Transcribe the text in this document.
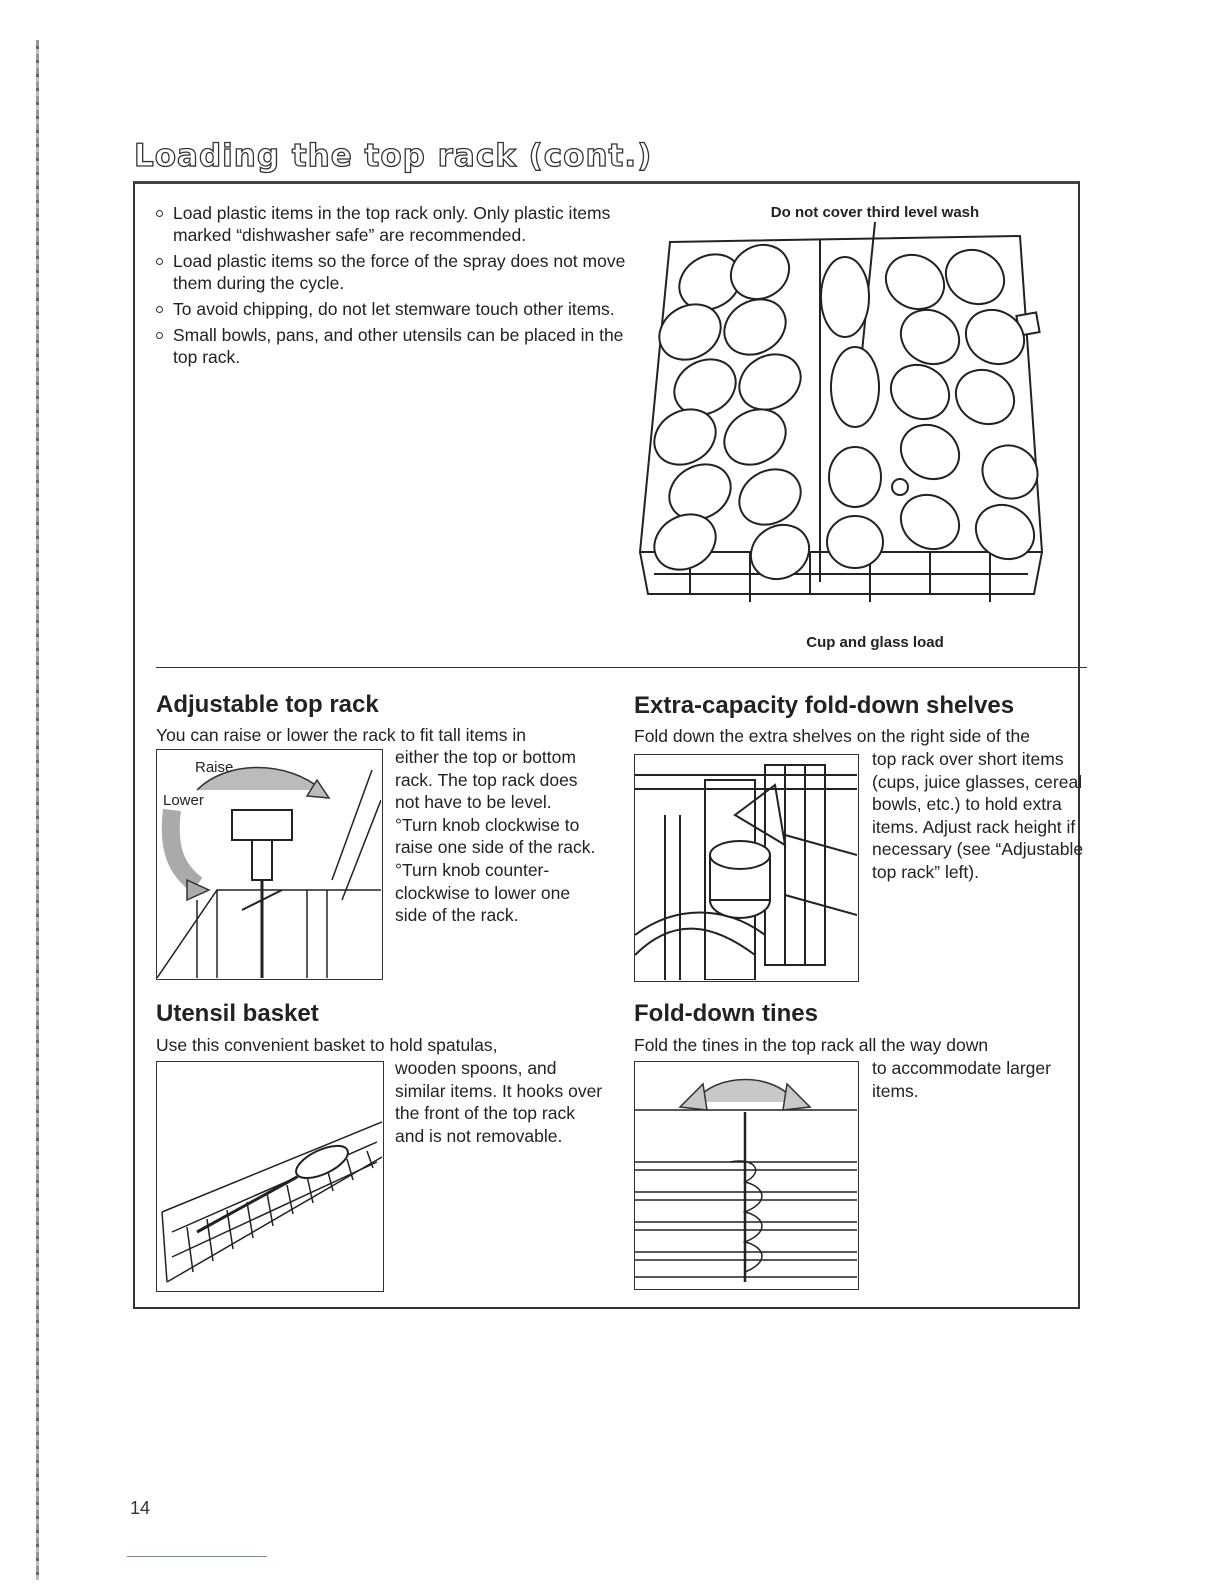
Loading the top rack (cont.)
Load plastic items in the top rack only. Only plastic items marked “dishwasher safe” are recommended.
Load plastic items so the force of the spray does not move them during the cycle.
To avoid chipping, do not let stemware touch other items.
Small bowls, pans, and other utensils can be placed in the top rack.
Do not cover third level wash
Cup and glass load
Adjustable top rack
You can raise or lower the rack to fit tall items in
Raise
Lower

either the top or bottom rack. The top rack does not have to be level.

°Turn knob clockwise to raise one side of the rack.

°Turn knob counter-clockwise to lower one side of the rack.

Extra-capacity fold-down shelves
Fold down the extra shelves on the right side of the
top rack over short items (cups, juice glasses, cereal bowls, etc.) to hold extra items. Adjust rack height if necessary (see “Adjustable top rack” left).
Utensil basket
Use this convenient basket to hold spatulas,
wooden spoons, and similar items. It hooks over the front of the top rack and is not removable.
Fold-down tines
Fold the tines in the top rack all the way down
to accommodate larger items.
14
